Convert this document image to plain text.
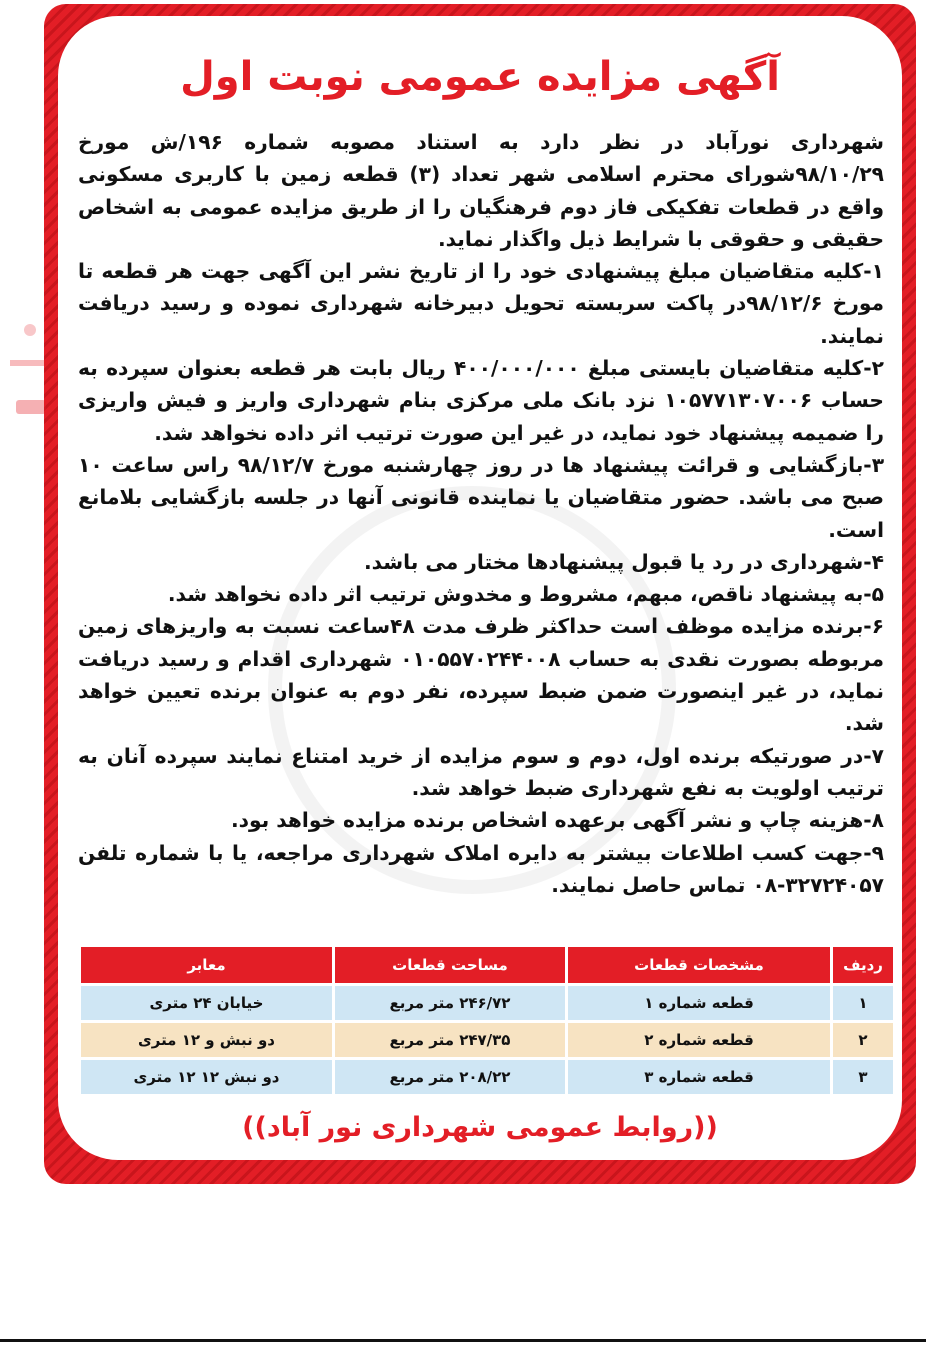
آگهی مزایده عمومی نوبت اول

شهرداری نورآباد در نظر دارد به استناد مصوبه شماره ۱۹۶/ش مورخ ۹۸/۱۰/۲۹شورای محترم اسلامی شهر تعداد (۳) قطعه زمین با کاربری مسکونی واقع در قطعات تفکیکی فاز دوم فرهنگیان را از طریق مزایده عمومی به اشخاص حقیقی و حقوقی با شرایط ذیل واگذار نماید.

۱-کلیه متقاضیان مبلغ پیشنهادی خود را از تاریخ نشر این آگهی جهت هر قطعه تا مورخ ۹۸/۱۲/۶در پاکت سربسته تحویل دبیرخانه شهرداری نموده و رسید دریافت نمایند.

۲-کلیه متقاضیان بایستی مبلغ ۴۰۰/۰۰۰/۰۰۰ ریال بابت هر قطعه بعنوان سپرده به حساب ۱۰۵۷۷۱۳۰۷۰۰۶ نزد بانک ملی مرکزی بنام شهرداری واریز و فیش واریزی را ضمیمه پیشنهاد خود نماید، در غیر این صورت ترتیب اثر داده نخواهد شد.

۳-بازگشایی و قرائت پیشنهاد ها در روز چهارشنبه مورخ ۹۸/۱۲/۷ راس ساعت ۱۰ صبح می باشد. حضور متقاضیان یا نماینده قانونی آنها در جلسه بازگشایی بلامانع است.

۴-شهرداری در رد یا قبول پیشنهادها مختار می باشد.

۵-به پیشنهاد ناقص، مبهم، مشروط و مخدوش ترتیب اثر داده نخواهد شد.

۶-برنده مزایده موظف است حداکثر ظرف مدت ۴۸ساعت نسبت به واریزهای زمین مربوطه بصورت نقدی به حساب ۰۱۰۵۵۷۰۲۴۴۰۰۸ شهرداری اقدام و رسید دریافت نماید، در غیر اینصورت ضمن ضبط سپرده، نفر دوم به عنوان برنده تعیین خواهد شد.

۷-در صورتیکه برنده اول، دوم و سوم مزایده از خرید امتناع نمایند سپرده آنان به ترتیب اولویت به نفع شهرداری ضبط خواهد شد.

۸-هزینه چاپ و نشر آگهی برعهده اشخاص برنده مزایده خواهد بود.

۹-جهت کسب اطلاعات بیشتر به دایره املاک شهرداری مراجعه، یا با شماره تلفن ۳۲۷۲۴۰۵۷-۰۸ تماس حاصل نمایند.

ردیف	مشخصات قطعات	مساحت قطعات	معابر
۱	قطعه شماره ۱	۲۴۶/۷۲ متر مربع	خیابان ۲۴ متری
۲	قطعه شماره ۲	۲۴۷/۳۵ متر مربع	دو نبش و ۱۲ متری
۳	قطعه شماره ۳	۲۰۸/۲۲ متر مربع	دو نبش ۱۲ ۱۲ متری
((روابط عمومی شهرداری نور آباد))
